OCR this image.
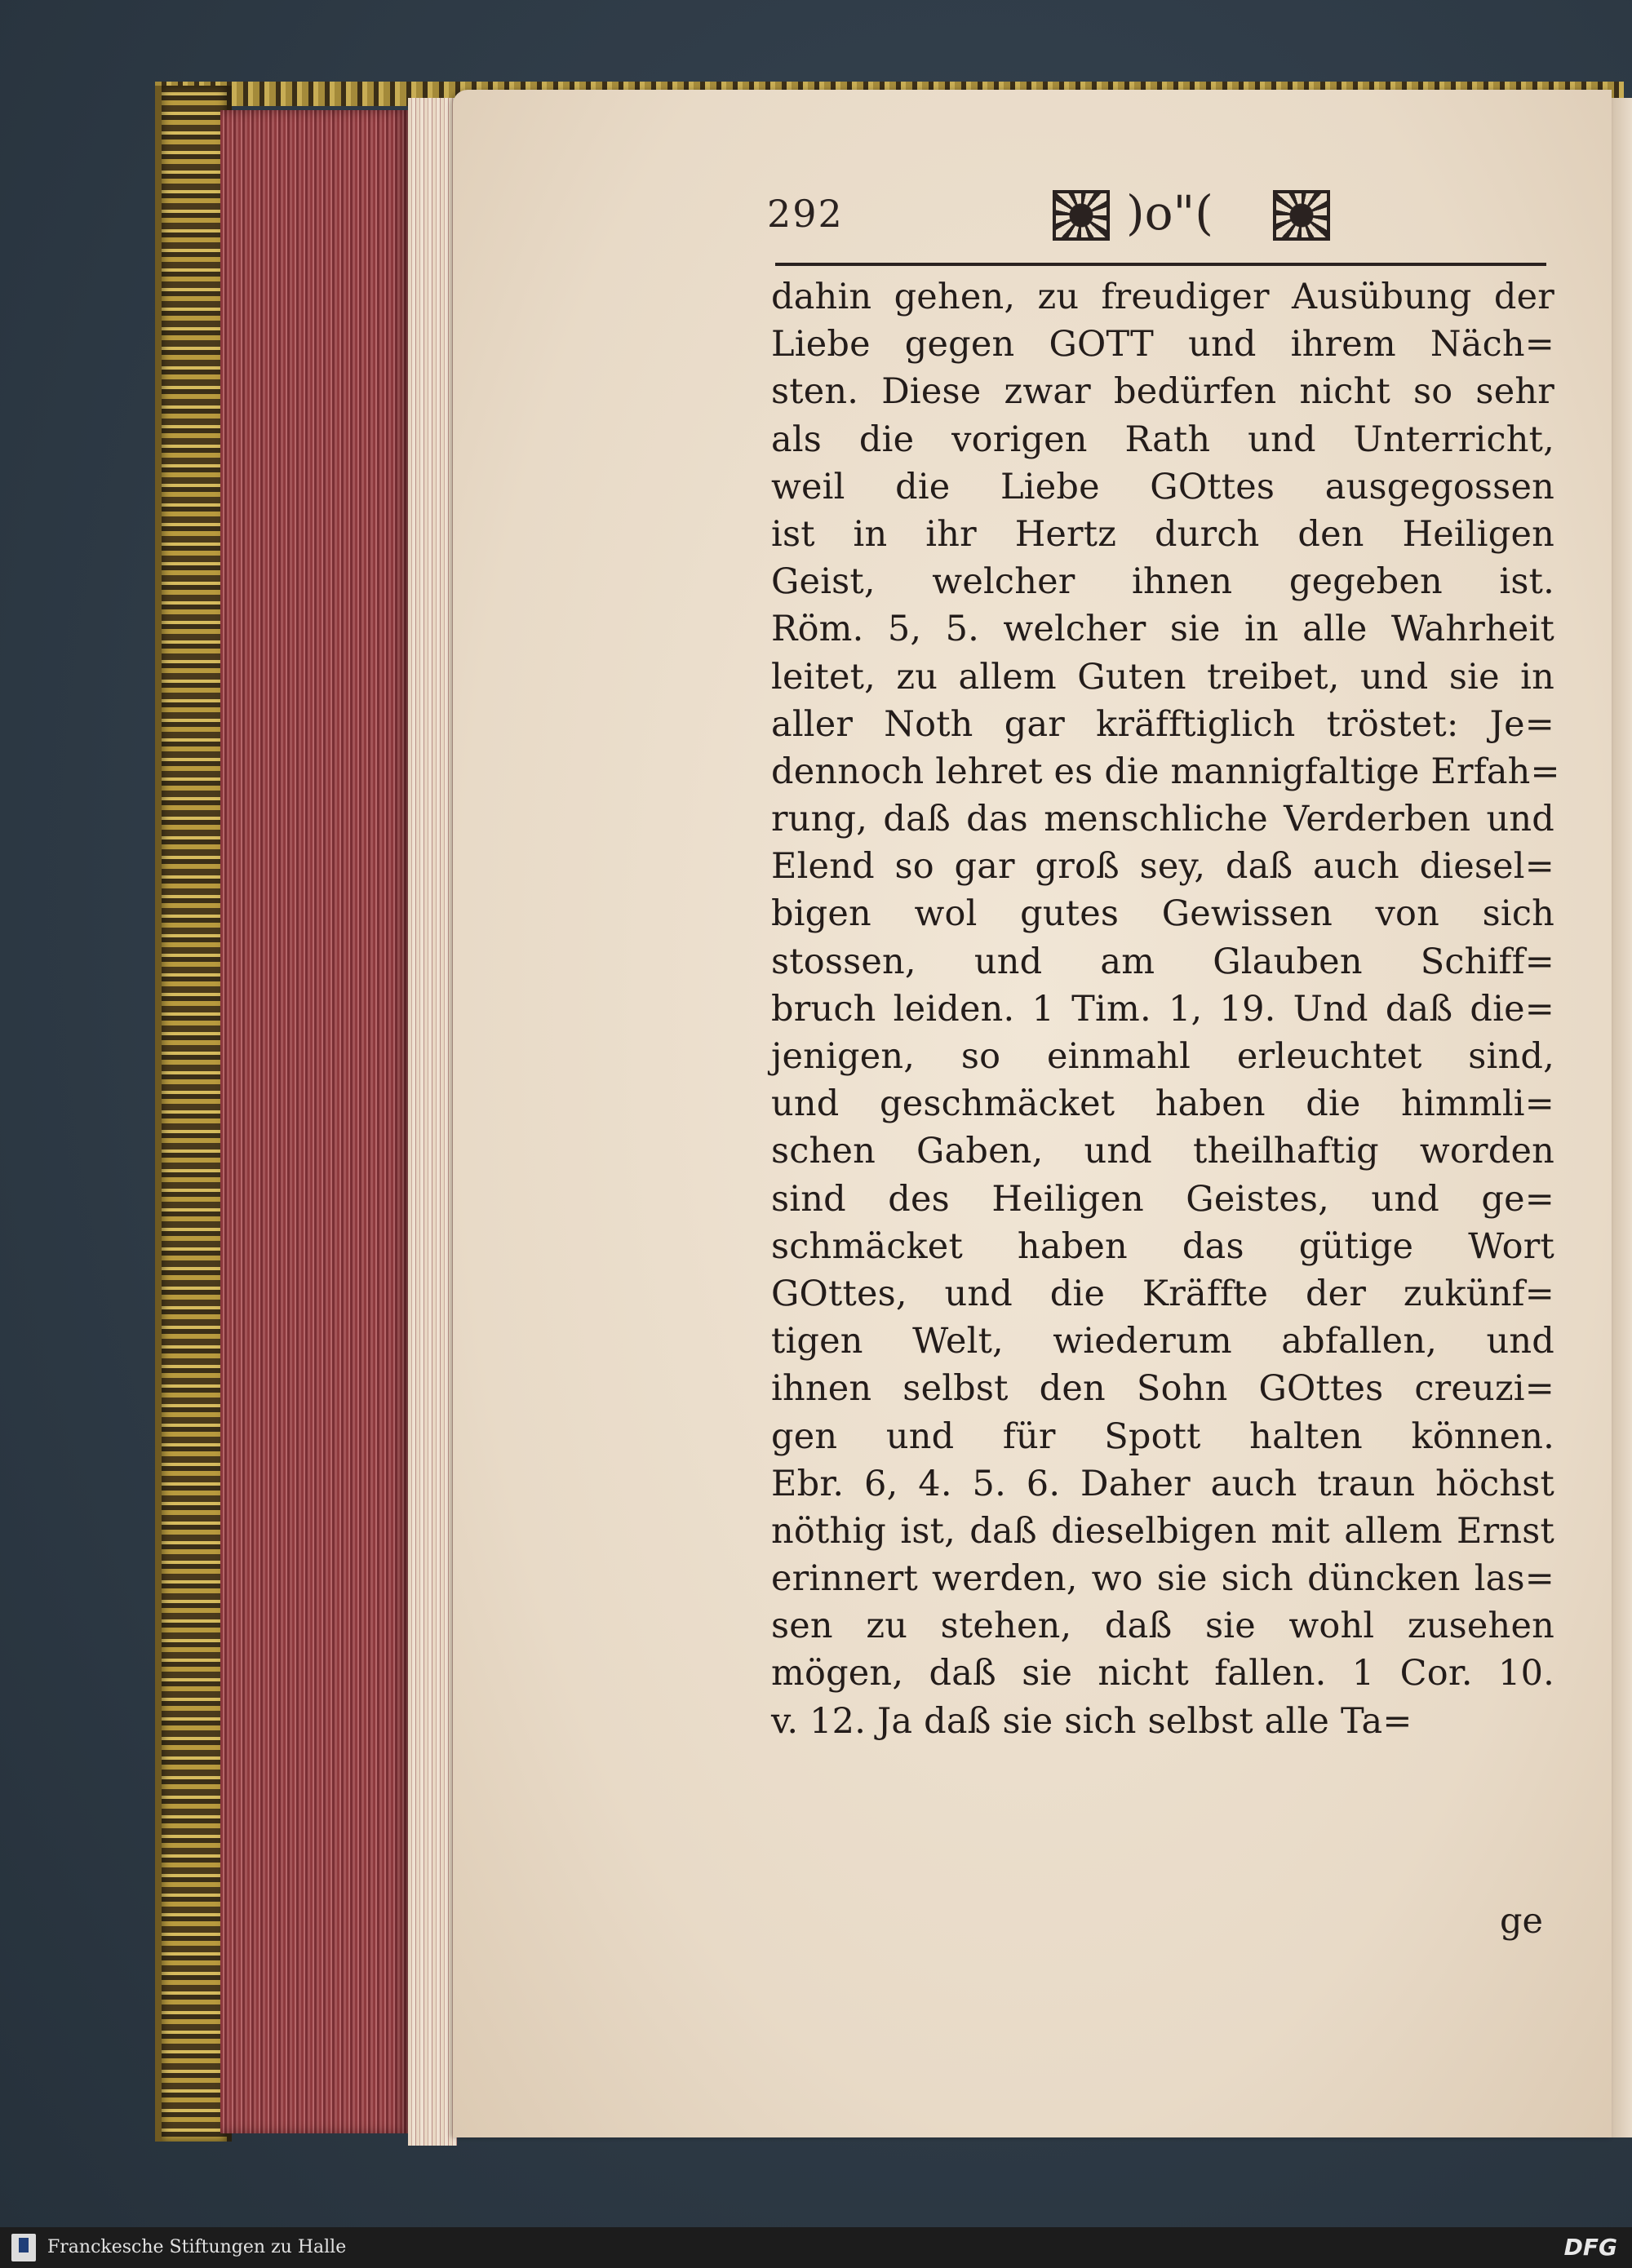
292	)o"(
dahin gehen, zu freudiger Ausübung der
Liebe gegen GOTT und ihrem Näch=
sten. Diese zwar bedürfen nicht so sehr
als die vorigen Rath und Unterricht,
weil die Liebe GOttes ausgegossen
ist in ihr Hertz durch den Heiligen
Geist, welcher ihnen gegeben ist.
Röm. 5, 5. welcher sie in alle Wahrheit
leitet, zu allem Guten treibet, und sie in
aller Noth gar kräfftiglich tröstet: Je=
dennoch lehret es die mannigfaltige Erfah=
rung, daß das menschliche Verderben und
Elend so gar groß sey, daß auch diesel=
bigen wol gutes Gewissen von sich
stossen, und am Glauben Schiff=
bruch leiden. 1 Tim. 1, 19. Und daß die=
jenigen, so einmahl erleuchtet sind,
und geschmäcket haben die himmli=
schen Gaben, und theilhaftig worden
sind des Heiligen Geistes, und ge=
schmäcket haben das gütige Wort
GOttes, und die Kräffte der zukünf=
tigen Welt, wiederum abfallen, und
ihnen selbst den Sohn GOttes creuzi=
gen und für Spott halten können.
Ebr. 6, 4. 5. 6. Daher auch traun höchst
nöthig ist, daß dieselbigen mit allem Ernst
erinnert werden, wo sie sich düncken las=
sen zu stehen, daß sie wohl zusehen
mögen, daß sie nicht fallen. 1 Cor. 10.
v. 12. Ja daß sie sich selbst alle Ta=
ge
Franckesche Stiftungen zu Halle	DFG
